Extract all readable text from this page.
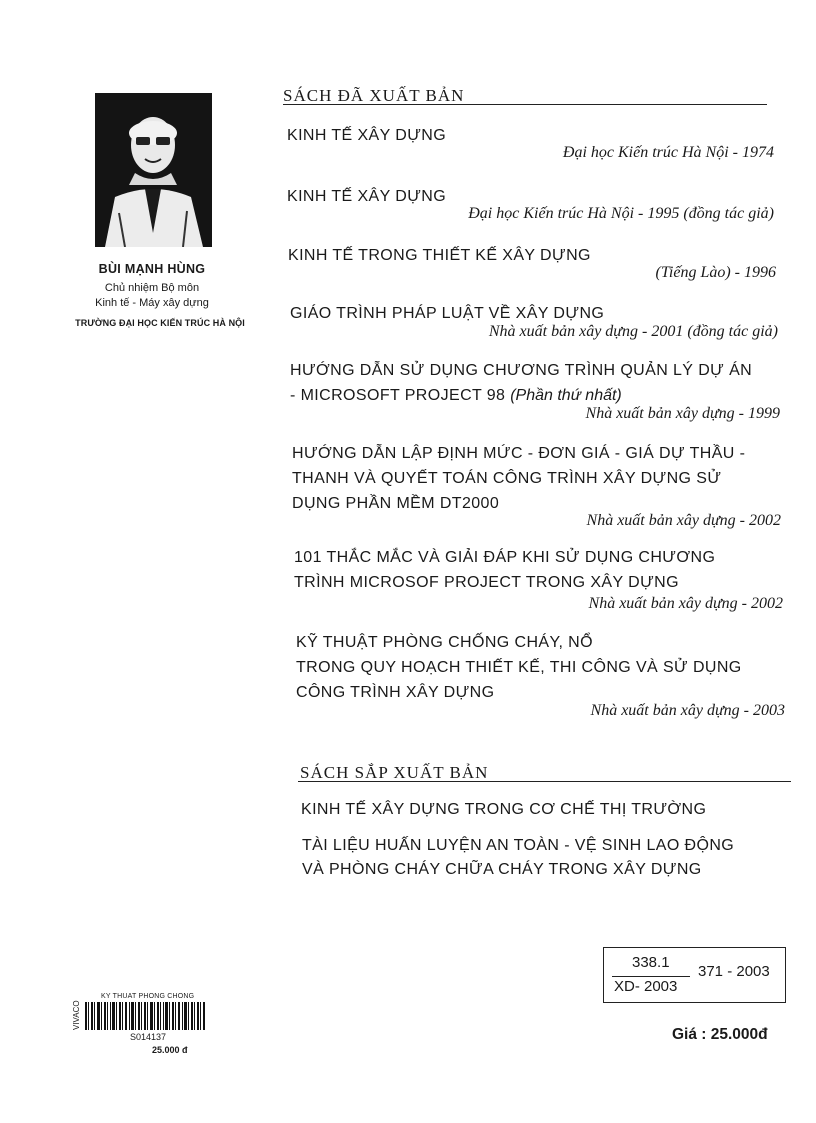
BÙI MẠNH HÙNG
Chủ nhiệm Bộ môn
Kinh tế - Máy xây dựng
TRƯỜNG ĐẠI HỌC KIẾN TRÚC HÀ NỘI
SÁCH ĐÃ XUẤT BẢN
KINH TẾ XÂY DỰNG
Đại học Kiến trúc Hà Nội - 1974
KINH TẾ XÂY DỰNG
Đại học Kiến trúc Hà Nội - 1995 (đồng tác giả)
KINH TẾ TRONG THIẾT KẾ XÂY DỰNG
(Tiếng Lào) - 1996
GIÁO TRÌNH PHÁP LUẬT VỀ XÂY DỰNG
Nhà xuất bản xây dựng - 2001 (đồng tác giả)
HƯỚNG DẪN SỬ DỤNG CHƯƠNG TRÌNH QUẢN LÝ DỰ ÁN
- MICROSOFT PROJECT 98 (Phần thứ nhất)
Nhà xuất bản xây dựng - 1999
HƯỚNG DẪN LẬP ĐỊNH MỨC - ĐƠN GIÁ - GIÁ DỰ THẦU -
THANH VÀ QUYẾT TOÁN CÔNG TRÌNH XÂY DỰNG SỬ
DỤNG PHẦN MỀM DT2000
Nhà xuất bản xây dựng - 2002
101 THẮC MẮC VÀ GIẢI ĐÁP KHI SỬ DỤNG CHƯƠNG
TRÌNH MICROSOF PROJECT TRONG XÂY DỰNG
Nhà xuất bản xây dựng - 2002
KỸ THUẬT PHÒNG CHỐNG CHÁY, NỔ
TRONG QUY HOẠCH THIẾT KẾ, THI CÔNG VÀ SỬ DỤNG
CÔNG TRÌNH XÂY DỰNG
Nhà xuất bản xây dựng - 2003
SÁCH SẮP XUẤT BẢN
KINH TẾ XÂY DỰNG TRONG CƠ CHẾ THỊ TRƯỜNG
TÀI LIỆU HUẤN LUYỆN AN TOÀN - VỆ SINH LAO ĐỘNG
VÀ PHÒNG CHÁY CHỮA CHÁY TRONG XÂY DỰNG
338.1
XD- 2003
371 - 2003
Giá : 25.000đ
KY THUAT PHONG CHONG
VIVACO
S014137
25.000 đ
